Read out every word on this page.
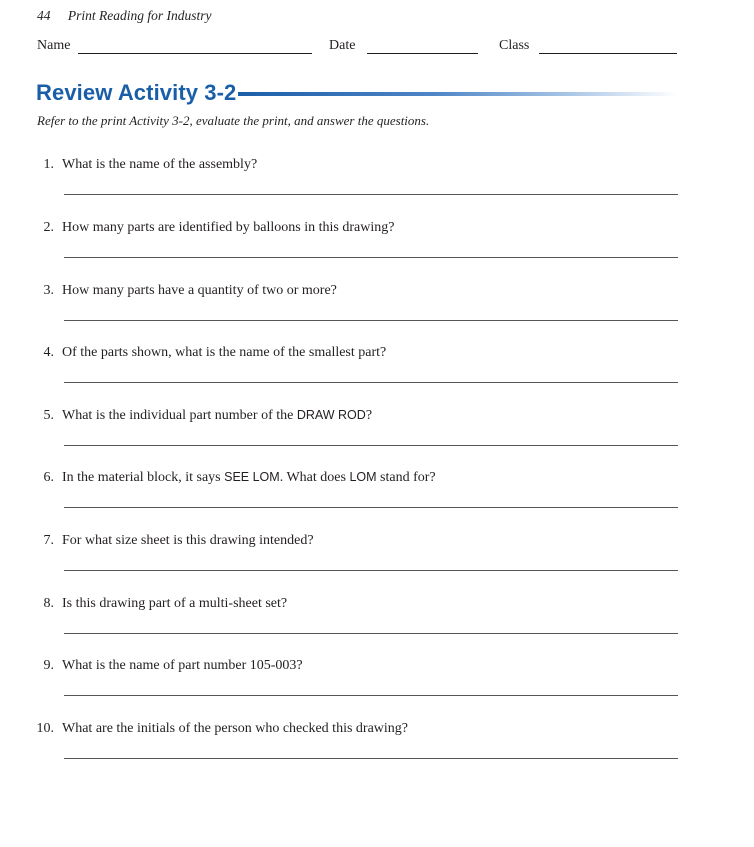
44 Print Reading for Industry
Name	Date	Class
Review Activity 3-2
Refer to the print Activity 3-2, evaluate the print, and answer the questions.
1. What is the name of the assembly?
2. How many parts are identified by balloons in this drawing?
3. How many parts have a quantity of two or more?
4. Of the parts shown, what is the name of the smallest part?
5. What is the individual part number of the DRAW ROD?
6. In the material block, it says SEE LOM. What does LOM stand for?
7. For what size sheet is this drawing intended?
8. Is this drawing part of a multi-sheet set?
9. What is the name of part number 105-003?
10. What are the initials of the person who checked this drawing?
